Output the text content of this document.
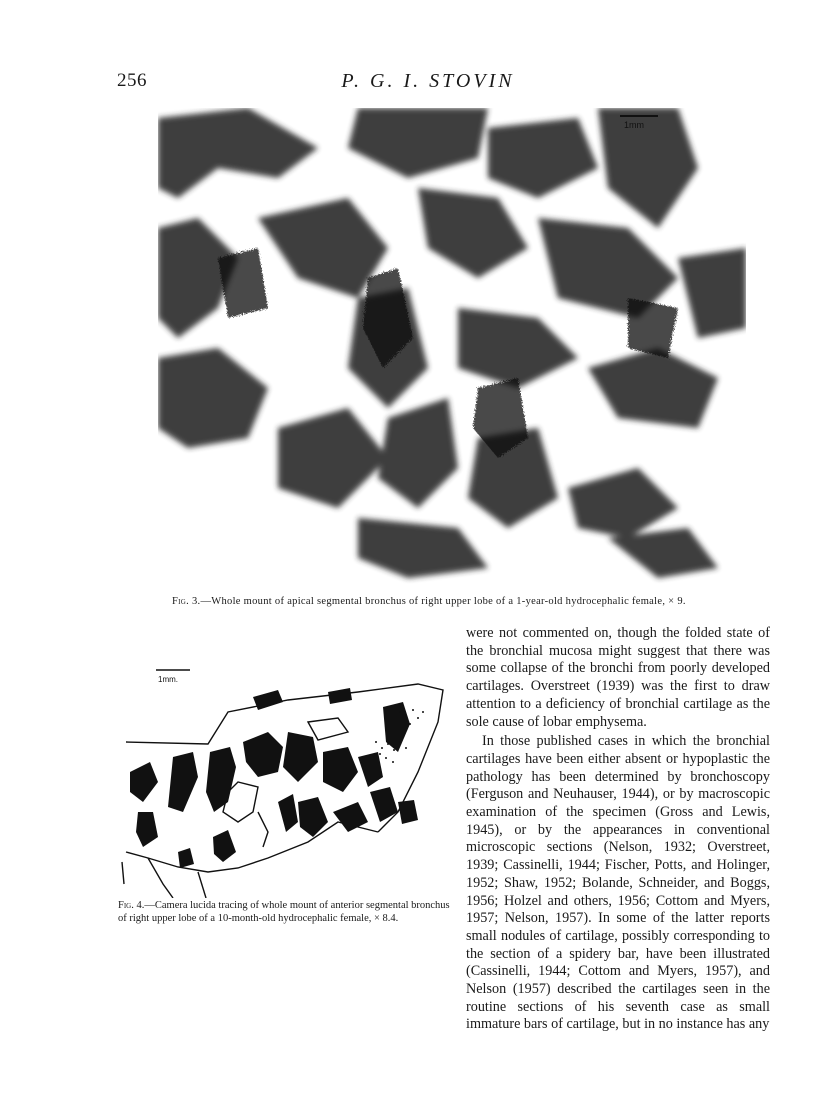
256	P. G. I. STOVIN
1mm
Fig. 3.—Whole mount of apical segmental bronchus of right upper lobe of a 1-year-old hydrocephalic female, × 9.
1mm.
Fig. 4.—Camera lucida tracing of whole mount of anterior segmental bronchus of right upper lobe of a 10-month-old hydrocephalic female, × 8.4.

were not commented on, though the folded state of the bronchial mucosa might suggest that there was some collapse of the bronchi from poorly developed cartilages. Overstreet (1939) was the first to draw attention to a deficiency of bronchial cartilage as the sole cause of lobar emphysema.

In those published cases in which the bronchial cartilages have been either absent or hypoplastic the pathology has been determined by bronchoscopy (Ferguson and Neuhauser, 1944), or by macroscopic examination of the specimen (Gross and Lewis, 1945), or by the appearances in conventional microscopic sections (Nelson, 1932; Overstreet, 1939; Cassinelli, 1944; Fischer, Potts, and Holinger, 1952; Shaw, 1952; Bolande, Schneider, and Boggs, 1956; Holzel and others, 1956; Cottom and Myers, 1957; Nelson, 1957). In some of the latter reports small nodules of cartilage, possibly corresponding to the section of a spidery bar, have been illustrated (Cassinelli, 1944; Cottom and Myers, 1957), and Nelson (1957) described the cartilages seen in the routine sections of his seventh case as small immature bars of cartilage, but in no instance has any
